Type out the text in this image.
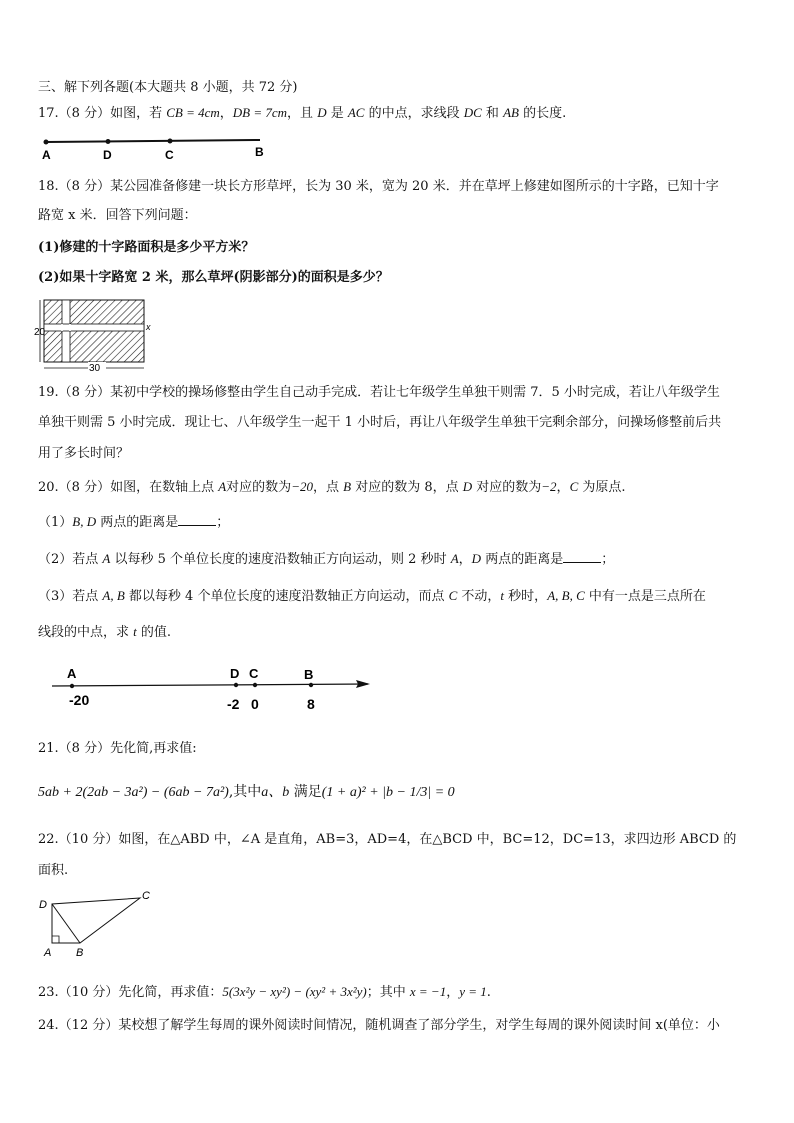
三、解下列各题(本大题共 8 小题，共 72 分)
17.（8 分）如图，若 CB = 4cm，DB = 7cm，且 D 是 AC 的中点，求线段 DC 和 AB 的长度.
A	D	C	B
18.（8 分）某公园准备修建一块长方形草坪，长为 30 米，宽为 20 米．并在草坪上修建如图所示的十字路，已知十字
路宽 x 米．回答下列问题：
(1)修建的十字路面积是多少平方米？
(2)如果十字路宽 2 米，那么草坪(阴影部分)的面积是多少？
20
30
x
19.（8 分）某初中学校的操场修整由学生自己动手完成．若让七年级学生单独干则需 7．5 小时完成，若让八年级学生
单独干则需 5 小时完成．现让七、八年级学生一起干 1 小时后，再让八年级学生单独干完剩余部分，问操场修整前后共
用了多长时间？
20.（8 分）如图，在数轴上点 A对应的数为−20，点 B 对应的数为 8，点 D 对应的数为−2，C 为原点.
（1）B, D 两点的距离是	；
（2）若点 A 以每秒 5 个单位长度的速度沿数轴正方向运动，则 2 秒时 A，D 两点的距离是	；
（3）若点 A, B 都以每秒 4 个单位长度的速度沿数轴正方向运动，而点 C 不动，t 秒时，A, B, C 中有一点是三点所在
线段的中点，求 t 的值.
A	D C	B
-20	-2 0	8
21.（8 分）先化简,再求值:
5ab + 2(2ab − 3a²) − (6ab − 7a²),其中a、b 满足(1 + a)² + |b − 1/3| = 0
22.（10 分）如图，在△ABD 中，∠A 是直角，AB=3，AD=4，在△BCD 中，BC=12，DC=13，求四边形 ABCD 的
面积.
D
C
A B
23.（10 分）先化简，再求值：5(3x²y − xy²) − (xy² + 3x²y)；其中 x = −1，y = 1.
24.（12 分）某校想了解学生每周的课外阅读时间情况，随机调查了部分学生，对学生每周的课外阅读时间 x(单位：小
